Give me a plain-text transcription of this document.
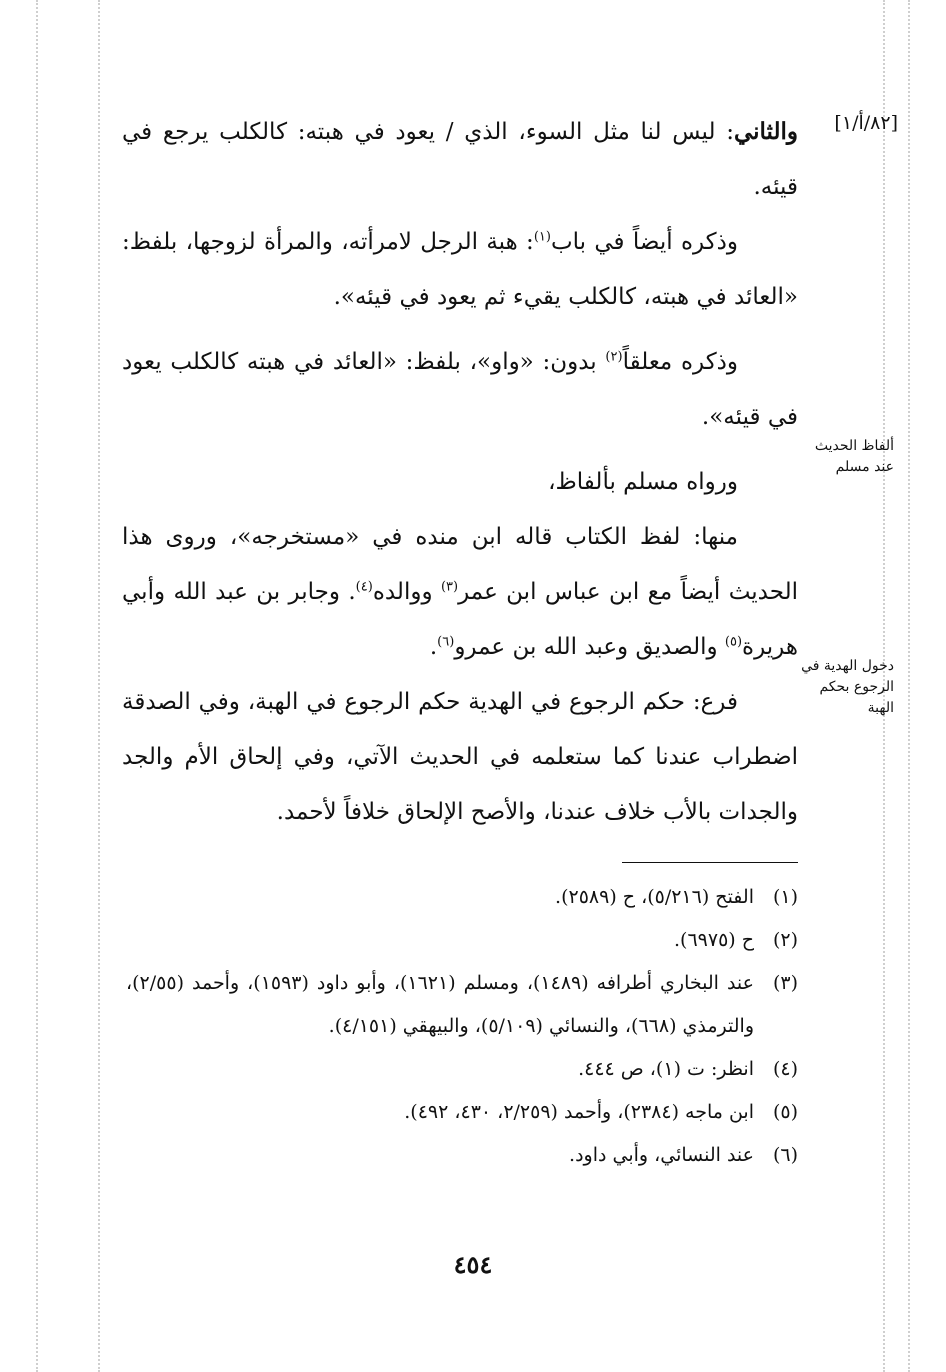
[٨٢/أ/١]
ألفاظ الحديث عند مسلم
دخول الهدية في الرجوع بحكم الهبة

والثاني: ليس لنا مثل السوء، الذي / يعود في هبته: كالكلب يرجع في قيئه.

وذكره أيضاً في باب$^{(١)}$: هبة الرجل لامرأته، والمرأة لزوجها، بلفظ: «العائد في هبته، كالكلب يقيء ثم يعود في قيئه».

وذكره معلقاً$^{(٢)}$ بدون: «واو»، بلفظ: «العائد في هبته كالكلب يعود في قيئه».

ورواه مسلم بألفاظ،

منها: لفظ الكتاب قاله ابن منده في «مستخرجه»، وروى هذا الحديث أيضاً مع ابن عباس ابن عمر$^{(٣)}$ ووالده$^{(٤)}$. وجابر بن عبد الله وأبي هريرة$^{(٥)}$ والصديق وعبد الله بن عمرو$^{(٦)}$.

فرع: حكم الرجوع في الهدية حكم الرجوع في الهبة، وفي الصدقة اضطراب عندنا كما ستعلمه في الحديث الآتي، وفي إلحاق الأم والجد والجدات بالأب خلاف عندنا، والأصح الإلحاق خلافاً لأحمد.

(١)
الفتح (٥/٢١٦)، ح (٢٥٨٩).
(٢)
ح (٦٩٧٥).
(٣)
عند البخاري أطرافه (١٤٨٩)، ومسلم (١٦٢١)، وأبو داود (١٥٩٣)، وأحمد (٢/٥٥)، والترمذي (٦٦٨)، والنسائي (٥/١٠٩)، والبيهقي (٤/١٥١).
(٤)
انظر: ت (١)، ص ٤٤٤.
(٥)
ابن ماجه (٢٣٨٤)، وأحمد (٢/٢٥٩، ٤٣٠، ٤٩٢).
(٦)
عند النسائي، وأبي داود.
٤٥٤
